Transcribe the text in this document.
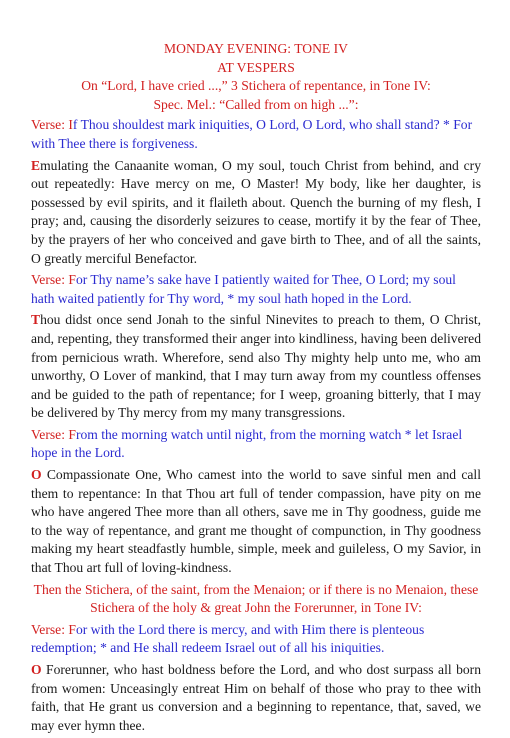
MONDAY EVENING: TONE IV
AT VESPERS
On “Lord, I have cried ...,” 3 Stichera of repentance, in Tone IV:
Spec. Mel.: “Called from on high ...”:
Verse: If Thou shouldest mark iniquities, O Lord, O Lord, who shall stand? * For with Thee there is forgiveness.
Emulating the Canaanite woman, O my soul, touch Christ from behind, and cry out repeatedly: Have mercy on me, O Master! My body, like her daughter, is possessed by evil spirits, and it flaileth about. Quench the burning of my flesh, I pray; and, causing the disorderly seizures to cease, mortify it by the fear of Thee, by the prayers of her who conceived and gave birth to Thee, and of all the saints, O greatly merciful Benefactor.
Verse: For Thy name’s sake have I patiently waited for Thee, O Lord; my soul hath waited patiently for Thy word, * my soul hath hoped in the Lord.
Thou didst once send Jonah to the sinful Ninevites to preach to them, O Christ, and, repenting, they transformed their anger into kindliness, having been delivered from pernicious wrath. Wherefore, send also Thy mighty help unto me, who am unworthy, O Lover of mankind, that I may turn away from my countless offenses and be guided to the path of repentance; for I weep, groaning bitterly, that I may be delivered by Thy mercy from my many transgressions.
Verse: From the morning watch until night, from the morning watch * let Israel hope in the Lord.
O Compassionate One, Who camest into the world to save sinful men and call them to repentance: In that Thou art full of tender compassion, have pity on me who have angered Thee more than all others, save me in Thy goodness, guide me to the way of repentance, and grant me thought of compunction, in Thy goodness making my heart steadfastly humble, simple, meek and guileless, O my Savior, in that Thou art full of loving-kindness.
Then the Stichera, of the saint, from the Menaion; or if there is no Menaion, these Stichera of the holy & great John the Forerunner, in Tone IV:
Verse: For with the Lord there is mercy, and with Him there is plenteous redemption; * and He shall redeem Israel out of all his iniquities.
O Forerunner, who hast boldness before the Lord, and who dost surpass all born from women: Unceasingly entreat Him on behalf of those who pray to thee with faith, that He grant us conversion and a beginning to repentance, that, saved, we may ever hymn thee.
